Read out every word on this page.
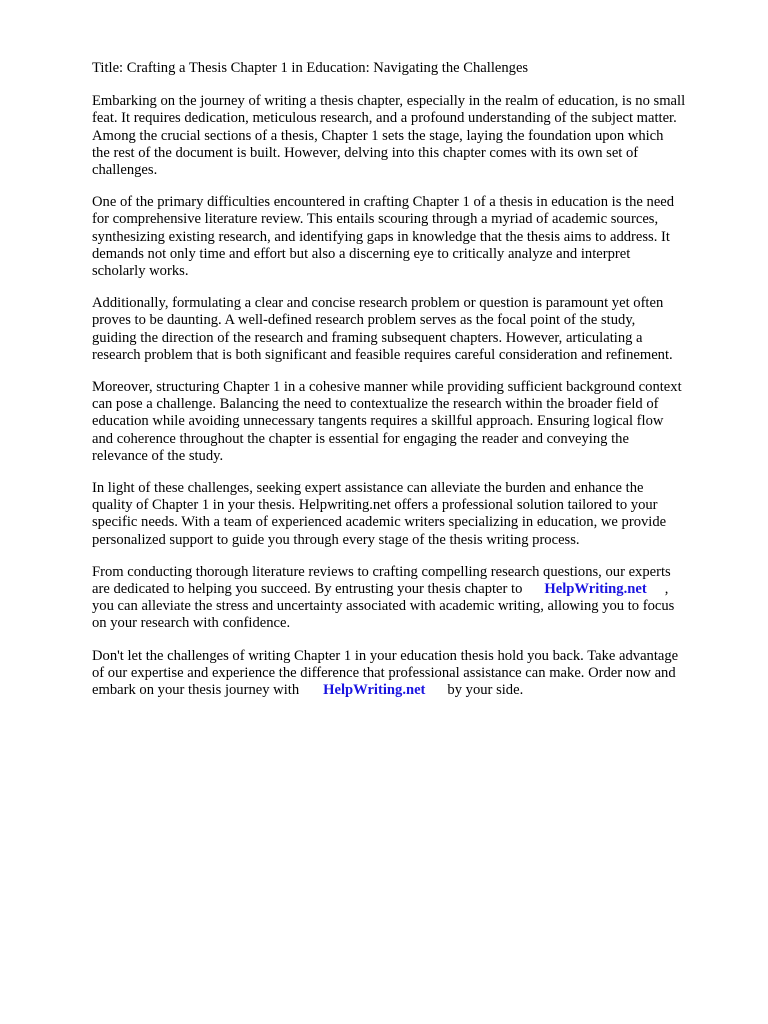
Title: Crafting a Thesis Chapter 1 in Education: Navigating the Challenges

Embarking on the journey of writing a thesis chapter, especially in the realm of education, is no small
feat. It requires dedication, meticulous research, and a profound understanding of the subject matter.
Among the crucial sections of a thesis, Chapter 1 sets the stage, laying the foundation upon which
the rest of the document is built. However, delving into this chapter comes with its own set of
challenges.

One of the primary difficulties encountered in crafting Chapter 1 of a thesis in education is the need
for comprehensive literature review. This entails scouring through a myriad of academic sources,
synthesizing existing research, and identifying gaps in knowledge that the thesis aims to address. It
demands not only time and effort but also a discerning eye to critically analyze and interpret
scholarly works.

Additionally, formulating a clear and concise research problem or question is paramount yet often
proves to be daunting. A well-defined research problem serves as the focal point of the study,
guiding the direction of the research and framing subsequent chapters. However, articulating a
research problem that is both significant and feasible requires careful consideration and refinement.

Moreover, structuring Chapter 1 in a cohesive manner while providing sufficient background context
can pose a challenge. Balancing the need to contextualize the research within the broader field of
education while avoiding unnecessary tangents requires a skillful approach. Ensuring logical flow
and coherence throughout the chapter is essential for engaging the reader and conveying the
relevance of the study.

In light of these challenges, seeking expert assistance can alleviate the burden and enhance the
quality of Chapter 1 in your thesis. Helpwriting.net offers a professional solution tailored to your
specific needs. With a team of experienced academic writers specializing in education, we provide
personalized support to guide you through every stage of the thesis writing process.

From conducting thorough literature reviews to crafting compelling research questions, our experts
are dedicated to helping you succeed. By entrusting your thesis chapter to HelpWriting.net ,
you can alleviate the stress and uncertainty associated with academic writing, allowing you to focus
on your research with confidence.

Don't let the challenges of writing Chapter 1 in your education thesis hold you back. Take advantage
of our expertise and experience the difference that professional assistance can make. Order now and
embark on your thesis journey with HelpWriting.net by your side.
